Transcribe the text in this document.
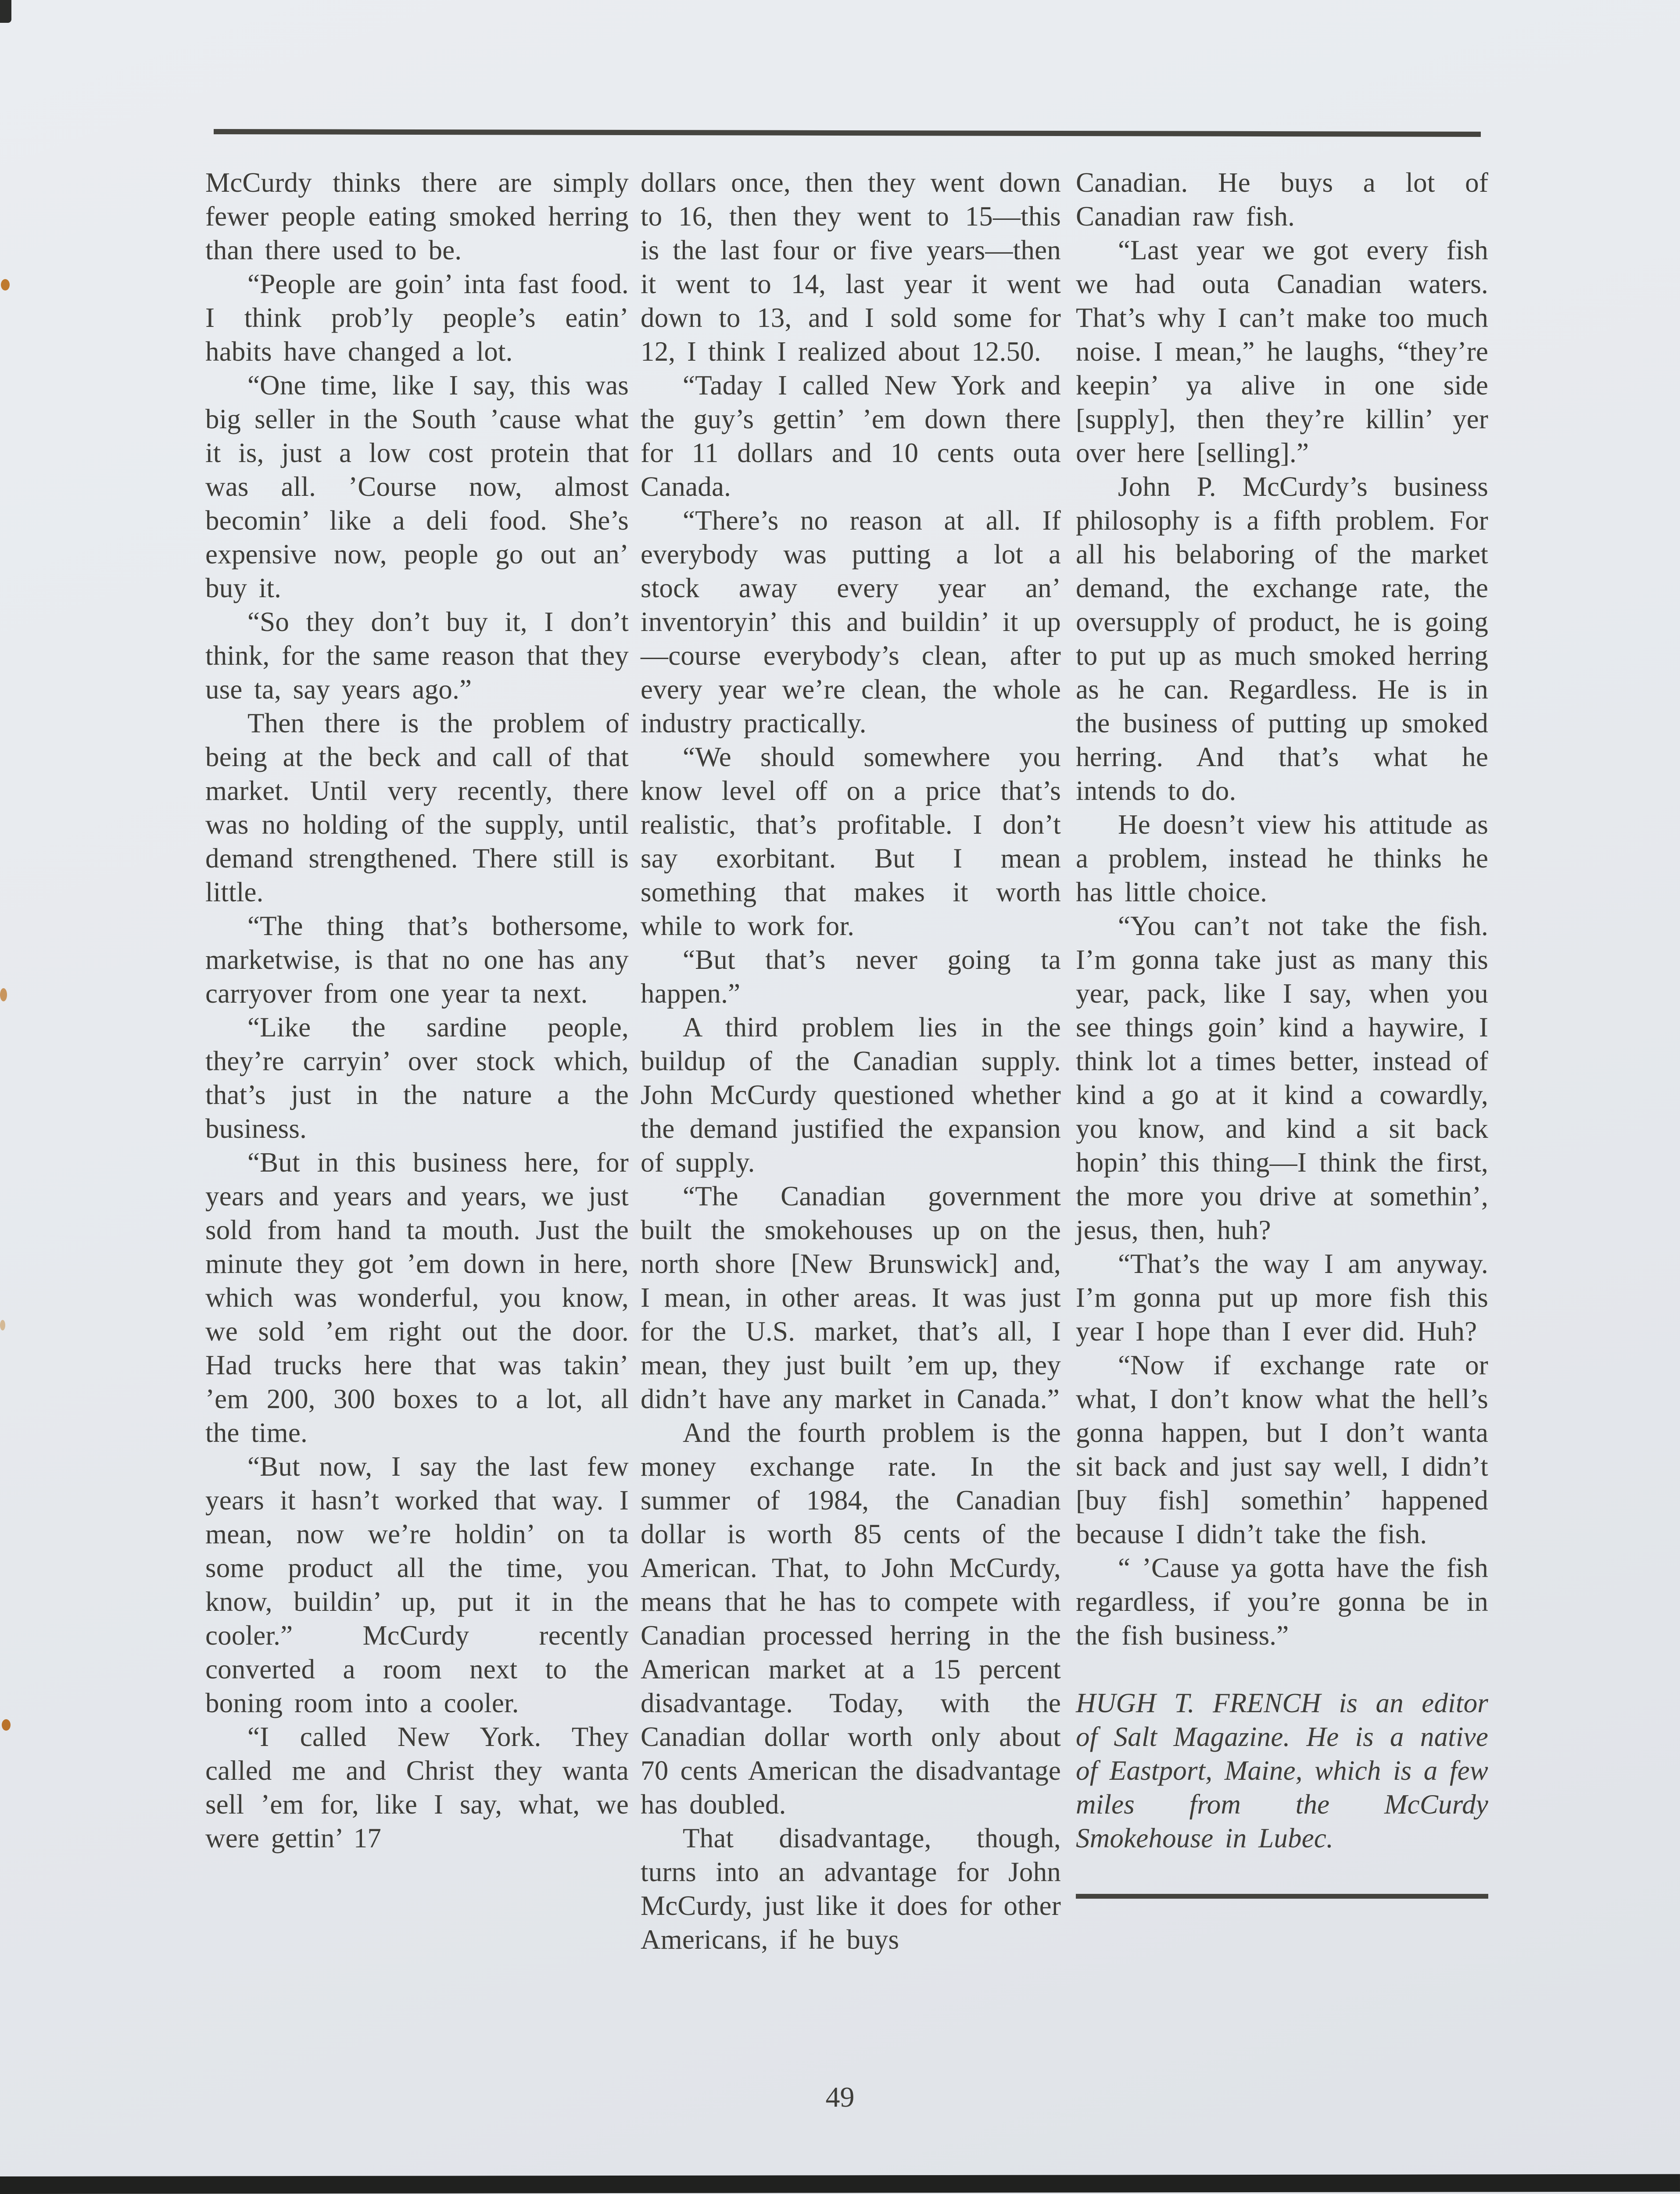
McCurdy thinks there are simply fewer people eating smoked herring than there used to be.

“People are goin’ inta fast food. I think prob’ly people’s eatin’ habits have changed a lot.

“One time, like I say, this was big seller in the South ’cause what it is, just a low cost protein that was all. ’Course now, almost becomin’ like a deli food. She’s expensive now, people go out an’ buy it.

“So they don’t buy it, I don’t think, for the same reason that they use ta, say years ago.”

Then there is the problem of being at the beck and call of that market. Until very recently, there was no holding of the supply, until demand strengthened. There still is little.

“The thing that’s bothersome, marketwise, is that no one has any carryover from one year ta next.

“Like the sardine people, they’re carryin’ over stock which, that’s just in the nature a the business.

“But in this business here, for years and years and years, we just sold from hand ta mouth. Just the minute they got ’em down in here, which was wonderful, you know, we sold ’em right out the door. Had trucks here that was takin’ ’em 200, 300 boxes to a lot, all the time.

“But now, I say the last few years it hasn’t worked that way. I mean, now we’re holdin’ on ta some product all the time, you know, buildin’ up, put it in the cooler.” McCurdy recently converted a room next to the boning room into a cooler.

“I called New York. They called me and Christ they wanta sell ’em for, like I say, what, we were gettin’ 17

dollars once, then they went down to 16, then they went to 15—this is the last four or five years—then it went to 14, last year it went down to 13, and I sold some for 12, I think I realized about 12.50.

“Taday I called New York and the guy’s gettin’ ’em down there for 11 dollars and 10 cents outa Canada.

“There’s no reason at all. If everybody was putting a lot a stock away every year an’ inventoryin’ this and buildin’ it up—course everybody’s clean, after every year we’re clean, the whole industry practically.

“We should somewhere you know level off on a price that’s realistic, that’s profitable. I don’t say exorbitant. But I mean something that makes it worth while to work for.

“But that’s never going ta happen.”

A third problem lies in the buildup of the Canadian supply. John McCurdy questioned whether the demand justified the expansion of supply.

“The Canadian government built the smokehouses up on the north shore [New Brunswick] and, I mean, in other areas. It was just for the U.S. market, that’s all, I mean, they just built ’em up, they didn’t have any market in Canada.”

And the fourth problem is the money exchange rate. In the summer of 1984, the Canadian dollar is worth 85 cents of the American. That, to John McCurdy, means that he has to compete with Canadian processed herring in the American market at a 15 percent disadvantage. Today, with the Canadian dollar worth only about 70 cents American the disadvantage has doubled.

That disadvantage, though, turns into an advantage for John McCurdy, just like it does for other Americans, if he buys

Canadian. He buys a lot of Canadian raw fish.

“Last year we got every fish we had outa Canadian waters. That’s why I can’t make too much noise. I mean,” he laughs, “they’re keepin’ ya alive in one side [supply], then they’re killin’ yer over here [selling].”

John P. McCurdy’s business philosophy is a fifth problem. For all his belaboring of the market demand, the exchange rate, the oversupply of product, he is going to put up as much smoked herring as he can. Regardless. He is in the business of putting up smoked herring. And that’s what he intends to do.

He doesn’t view his attitude as a problem, instead he thinks he has little choice.

“You can’t not take the fish. I’m gonna take just as many this year, pack, like I say, when you see things goin’ kind a haywire, I think lot a times better, instead of kind a go at it kind a cowardly, you know, and kind a sit back hopin’ this thing—I think the first, the more you drive at somethin’, jesus, then, huh?

“That’s the way I am anyway. I’m gonna put up more fish this year I hope than I ever did. Huh?

“Now if exchange rate or what, I don’t know what the hell’s gonna happen, but I don’t wanta sit back and just say well, I didn’t [buy fish] somethin’ happened because I didn’t take the fish.

“ ’Cause ya gotta have the fish regardless, if you’re gonna be in the fish business.”

HUGH T. FRENCH is an editor of Salt Magazine. He is a native of Eastport, Maine, which is a few miles from the McCurdy Smokehouse in Lubec.

49
